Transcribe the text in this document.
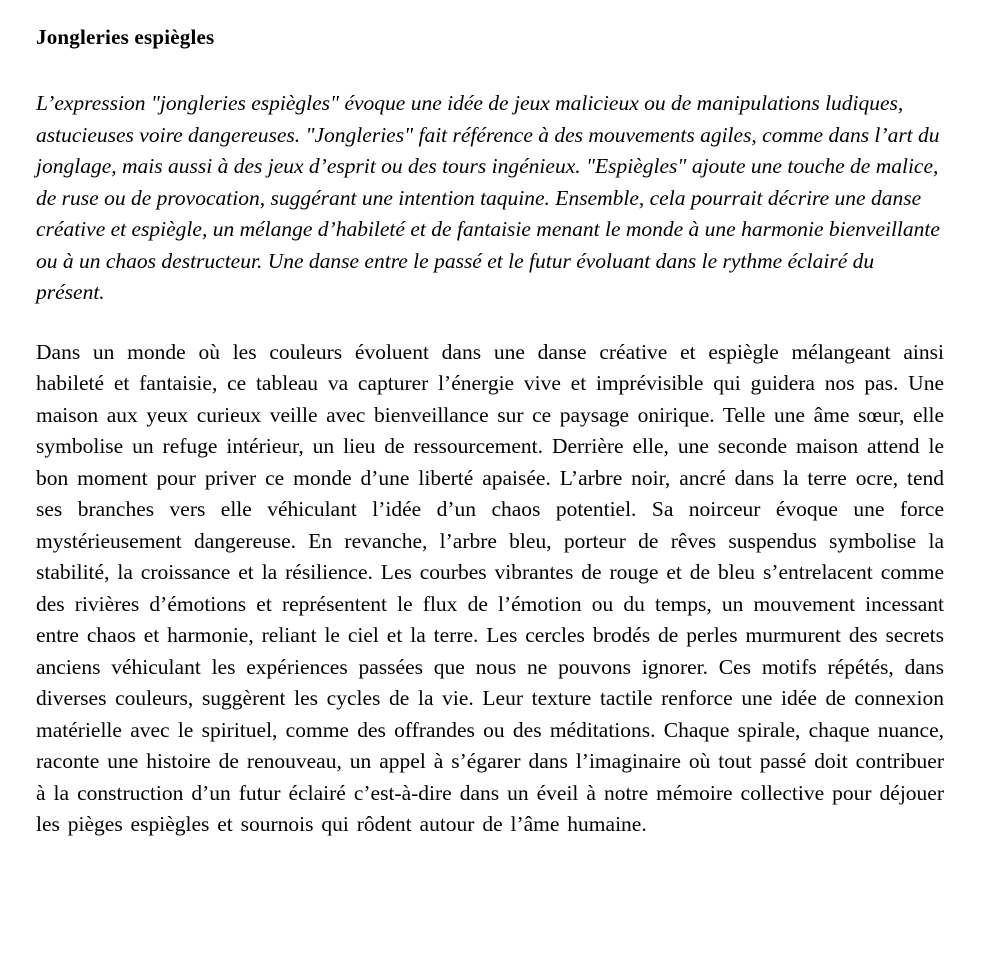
Jongleries espiègles

L’expression "jongleries espiègles" évoque une idée de jeux malicieux ou de manipulations ludiques, astucieuses voire dangereuses. "Jongleries" fait référence à des mouvements agiles, comme dans l’art du jonglage, mais aussi à des jeux d’esprit ou des tours ingénieux. "Espiègles" ajoute une touche de malice, de ruse ou de provocation, suggérant une intention taquine. Ensemble, cela pourrait décrire une danse créative et espiègle, un mélange d’habileté et de fantaisie menant le monde à une harmonie bienveillante ou à un chaos destructeur. Une danse entre le passé et le futur évoluant dans le rythme éclairé du présent.

Dans un monde où les couleurs évoluent dans une danse créative et espiègle mélangeant ainsi habileté et fantaisie, ce tableau va capturer l’énergie vive et imprévisible qui guidera nos pas. Une maison aux yeux curieux veille avec bienveillance sur ce paysage onirique. Telle une âme sœur, elle symbolise un refuge intérieur, un lieu de ressourcement. Derrière elle, une seconde maison attend le bon moment pour priver ce monde d’une liberté apaisée. L’arbre noir, ancré dans la terre ocre, tend ses branches vers elle véhiculant l’idée d’un chaos potentiel. Sa noirceur évoque une force mystérieusement dangereuse. En revanche, l’arbre bleu, porteur de rêves suspendus symbolise la stabilité, la croissance et la résilience. Les courbes vibrantes de rouge et de bleu s’entrelacent comme des rivières d’émotions et représentent le flux de l’émotion ou du temps, un mouvement incessant entre chaos et harmonie, reliant le ciel et la terre. Les cercles brodés de perles murmurent des secrets anciens véhiculant les expériences passées que nous ne pouvons ignorer. Ces motifs répétés, dans diverses couleurs, suggèrent les cycles de la vie. Leur texture tactile renforce une idée de connexion matérielle avec le spirituel, comme des offrandes ou des méditations. Chaque spirale, chaque nuance, raconte une histoire de renouveau, un appel à s’égarer dans l’imaginaire où tout passé doit contribuer à la construction d’un futur éclairé c’est-à-dire dans un éveil à notre mémoire collective pour déjouer les pièges espiègles et sournois qui rôdent autour de l’âme humaine.
